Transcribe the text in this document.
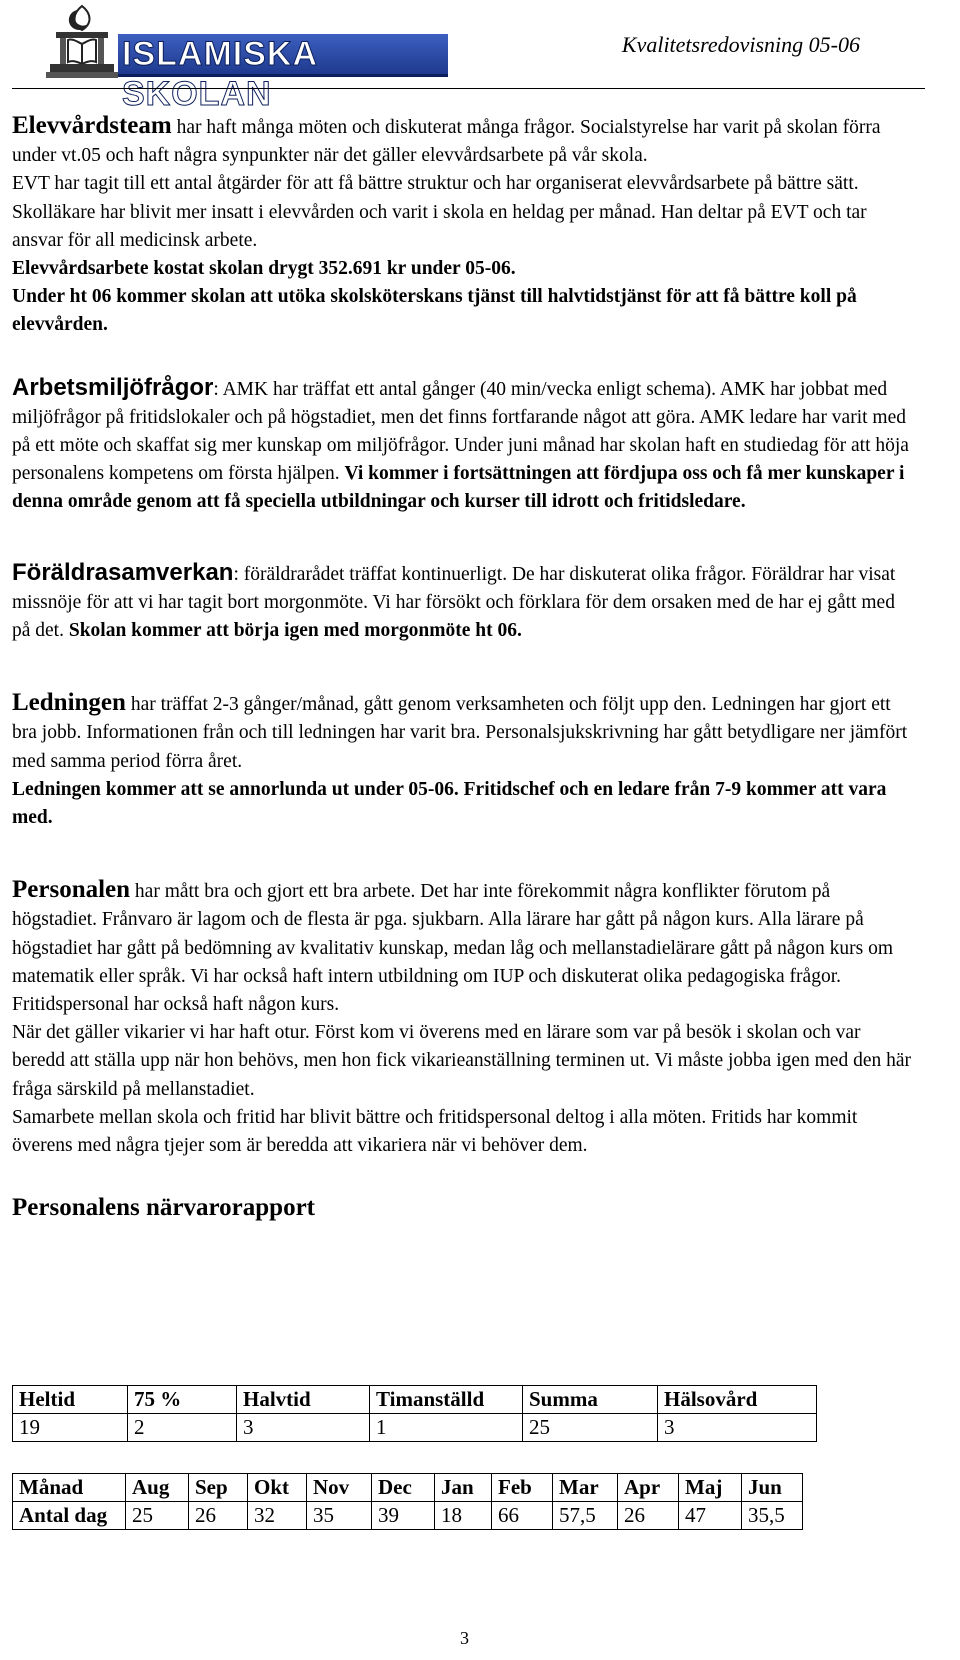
ISLAMISKA SKOLAN
Kvalitetsredovisning 05-06

Elevvårdsteam har haft många möten och diskuterat många frågor. Socialstyrelse har varit på skolan förra under vt.05 och haft några synpunkter när det gäller elevvårdsarbete på vår skola.

EVT har tagit till ett antal åtgärder för att få bättre struktur och har organiserat elevvårdsarbete på bättre sätt.

Skolläkare har blivit mer insatt i elevvården och varit i skola en heldag per månad. Han deltar på EVT och tar ansvar för all medicinsk arbete.

Elevvårdsarbete kostat skolan drygt 352.691 kr under 05-06.

Under ht 06 kommer skolan att utöka skolsköterskans tjänst till halvtidstjänst för att få bättre koll på elevvården.

Arbetsmiljöfrågor: AMK har träffat ett antal gånger (40 min/vecka enligt schema). AMK har jobbat med miljöfrågor på fritidslokaler och på högstadiet, men det finns fortfarande något att göra. AMK ledare har varit med på ett möte och skaffat sig mer kunskap om miljöfrågor. Under juni månad har skolan haft en studiedag för att höja personalens kompetens om första hjälpen. Vi kommer i fortsättningen att fördjupa oss och få mer kunskaper i denna område genom att få speciella utbildningar och kurser till idrott och fritidsledare.

Föräldrasamverkan: föräldrarådet träffat kontinuerligt. De har diskuterat olika frågor. Föräldrar har visat missnöje för att vi har tagit bort morgonmöte. Vi har försökt och förklara för dem orsaken med de har ej gått med på det. Skolan kommer att börja igen med morgonmöte ht 06.

Ledningen har träffat 2-3 gånger/månad, gått genom verksamheten och följt upp den. Ledningen har gjort ett bra jobb. Informationen från och till ledningen har varit bra. Personalsjukskrivning har gått betydligare ner jämfört med samma period förra året.

Ledningen kommer att se annorlunda ut under 05-06. Fritidschef och en ledare från 7-9 kommer att vara med.

Personalen har mått bra och gjort ett bra arbete. Det har inte förekommit några konflikter förutom på högstadiet. Frånvaro är lagom och de flesta är pga. sjukbarn. Alla lärare har gått på någon kurs. Alla lärare på högstadiet har gått på bedömning av kvalitativ kunskap, medan låg och mellanstadielärare gått på någon kurs om matematik eller språk. Vi har också haft intern utbildning om IUP och diskuterat olika pedagogiska frågor. Fritidspersonal har också haft någon kurs.

När det gäller vikarier vi har haft otur. Först kom vi överens med en lärare som var på besök i skolan och var beredd att ställa upp när hon behövs, men hon fick vikarieanställning terminen ut. Vi måste jobba igen med den här fråga särskild på mellanstadiet.

Samarbete mellan skola och fritid har blivit bättre och fritidspersonal deltog i alla möten. Fritids har kommit överens med några tjejer som är beredda att vikariera när vi behöver dem.

Personalens närvarorapport
Heltid	75 %	Halvtid	Timanställd	Summa	Hälsovård
19	2	3	1	25	3
Månad	Aug	Sep	Okt	Nov	Dec	Jan	Feb	Mar	Apr	Maj	Jun
Antal dag	25	26	32	35	39	18	66	57,5	26	47	35,5
3
